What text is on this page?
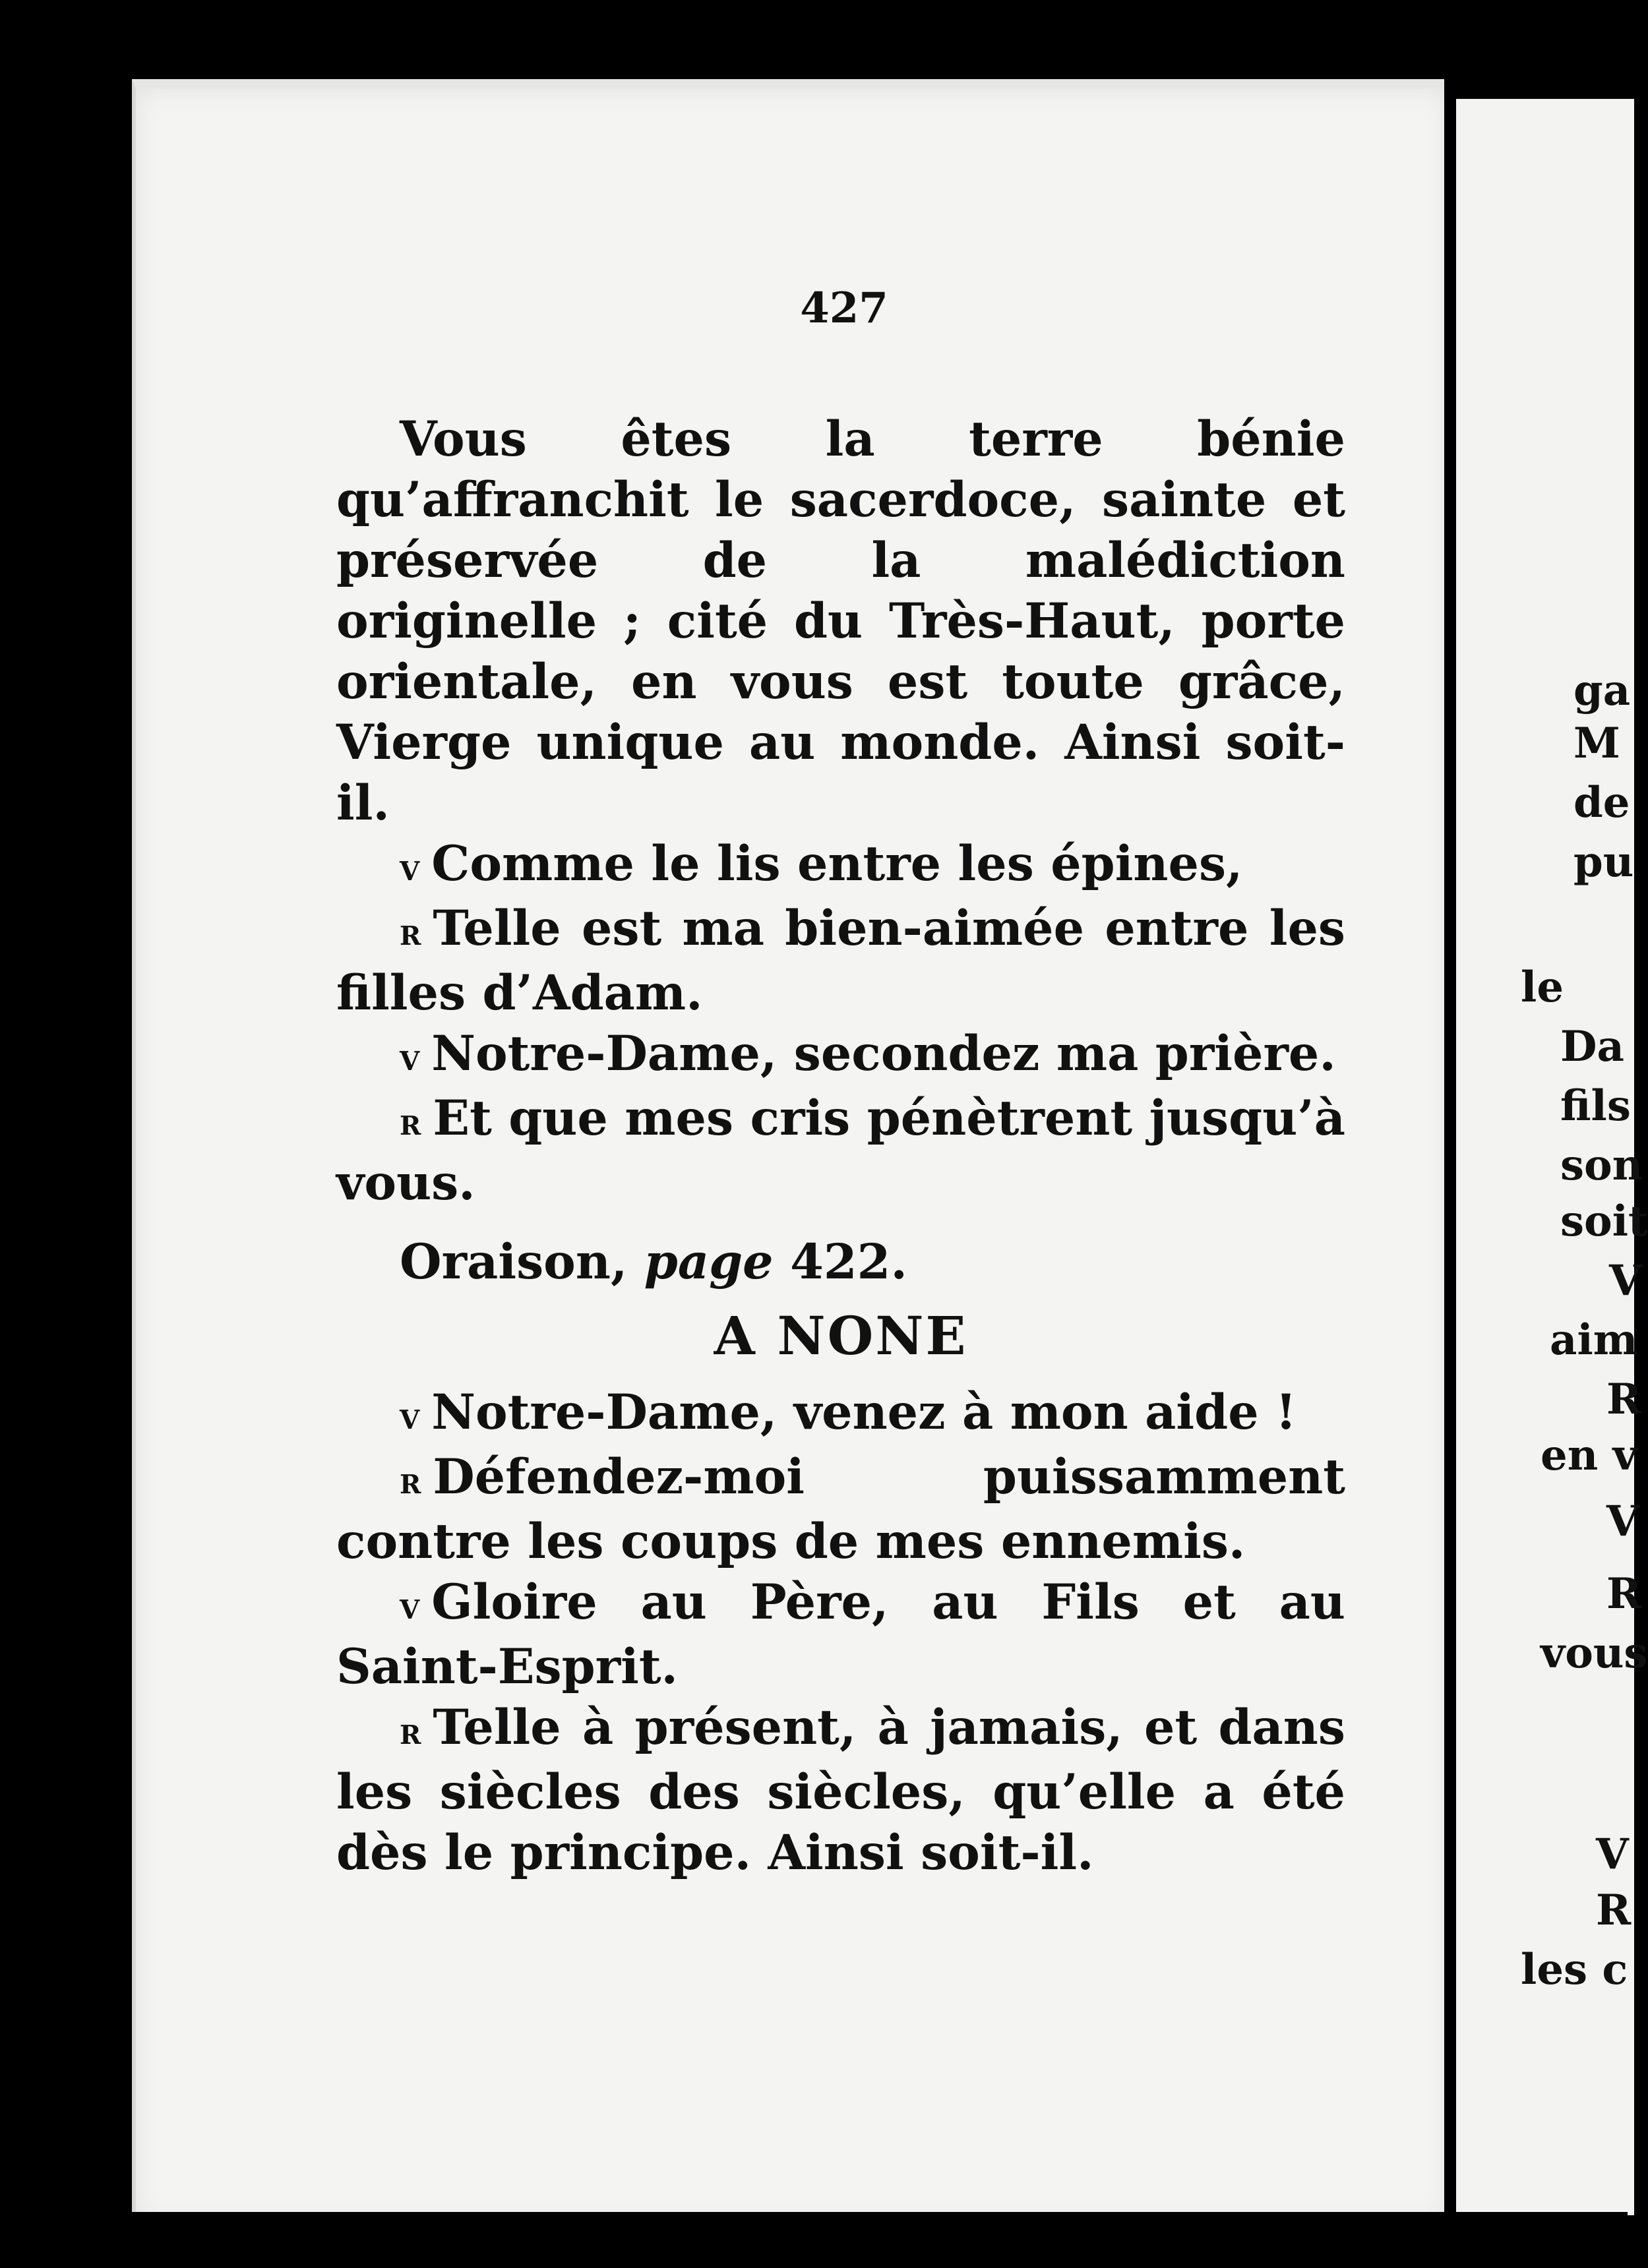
427

Vous êtes la terre bénie qu’affranchit le sacerdoce, sainte et préservée de la malédiction originelle ; cité du Très-Haut, porte orientale, en vous est toute grâce, Vierge unique au monde. Ainsi soit-il.

v Comme le lis entre les épines,

r Telle est ma bien-aimée entre les filles d’Adam.

v Notre-Dame, secondez ma prière.

r Et que mes cris pénètrent jusqu’à vous.

Oraison, page 422.

A NONE

v Notre-Dame, venez à mon aide !

r Défendez-moi puissamment contre les coups de mes ennemis.

v Gloire au Père, au Fils et au Saint-Esprit.

r Telle à présent, à jamais, et dans les siècles des siècles, qu’elle a été dès le principe. Ainsi soit-il.

ga
M
de
pu
le
Da
fils
son
soit
V
aim
R
en v
V
R
vous
V
R
les c
